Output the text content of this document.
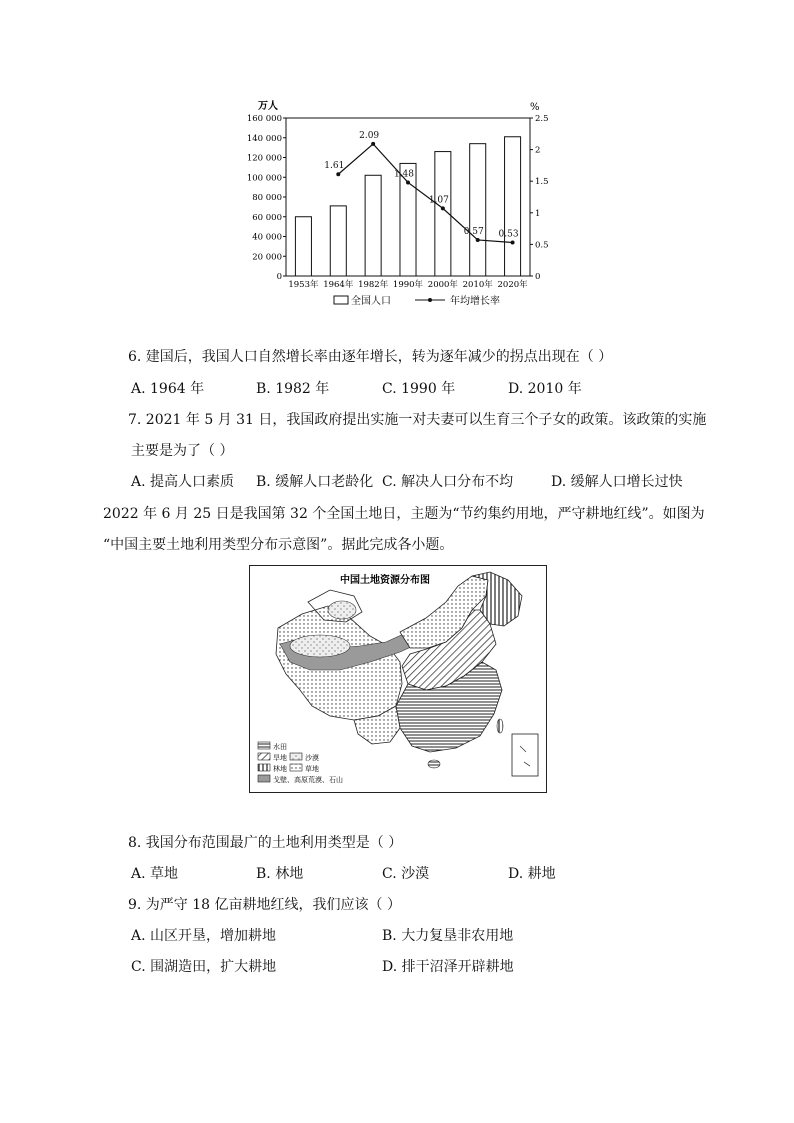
万人	%
0
20 000
40 000
60 000
80 000
100 000
120 000
140 000
160 000
0
0.5
1
1.5
2
2.5
1953年 1964年 1982年 1990年 2000年 2010年 2020年
1.61
2.09
1.48
1.07
0.57 0.53
全国人口	年均增长率
6. 建国后，我国人口自然增长率由逐年增长，转为逐年减少的拐点出现在（ ）
A. 1964 年	B. 1982 年	C. 1990 年	D. 2010 年
7. 2021 年 5 月 31 日，我国政府提出实施一对夫妻可以生育三个子女的政策。该政策的实施
主要是为了（ ）
A. 提高人口素质 B. 缓解人口老龄化 C. 解决人口分布不均	D. 缓解人口增长过快
2022 年 6 月 25 日是我国第 32 个全国土地日，主题为“节约集约用地，严守耕地红线”。如图为
“中国主要土地利用类型分布示意图”。据此完成各小题。
中国土地资源分布图
水田
旱地	沙漠
林地	草地
戈壁、高原荒漠、石山
8. 我国分布范围最广的土地利用类型是（ ）
A. 草地	B. 林地	C. 沙漠	D. 耕地
9. 为严守 18 亿亩耕地红线，我们应该（ ）
A. 山区开垦，增加耕地	B. 大力复垦非农用地
C. 围湖造田，扩大耕地	D. 排干沼泽开辟耕地
